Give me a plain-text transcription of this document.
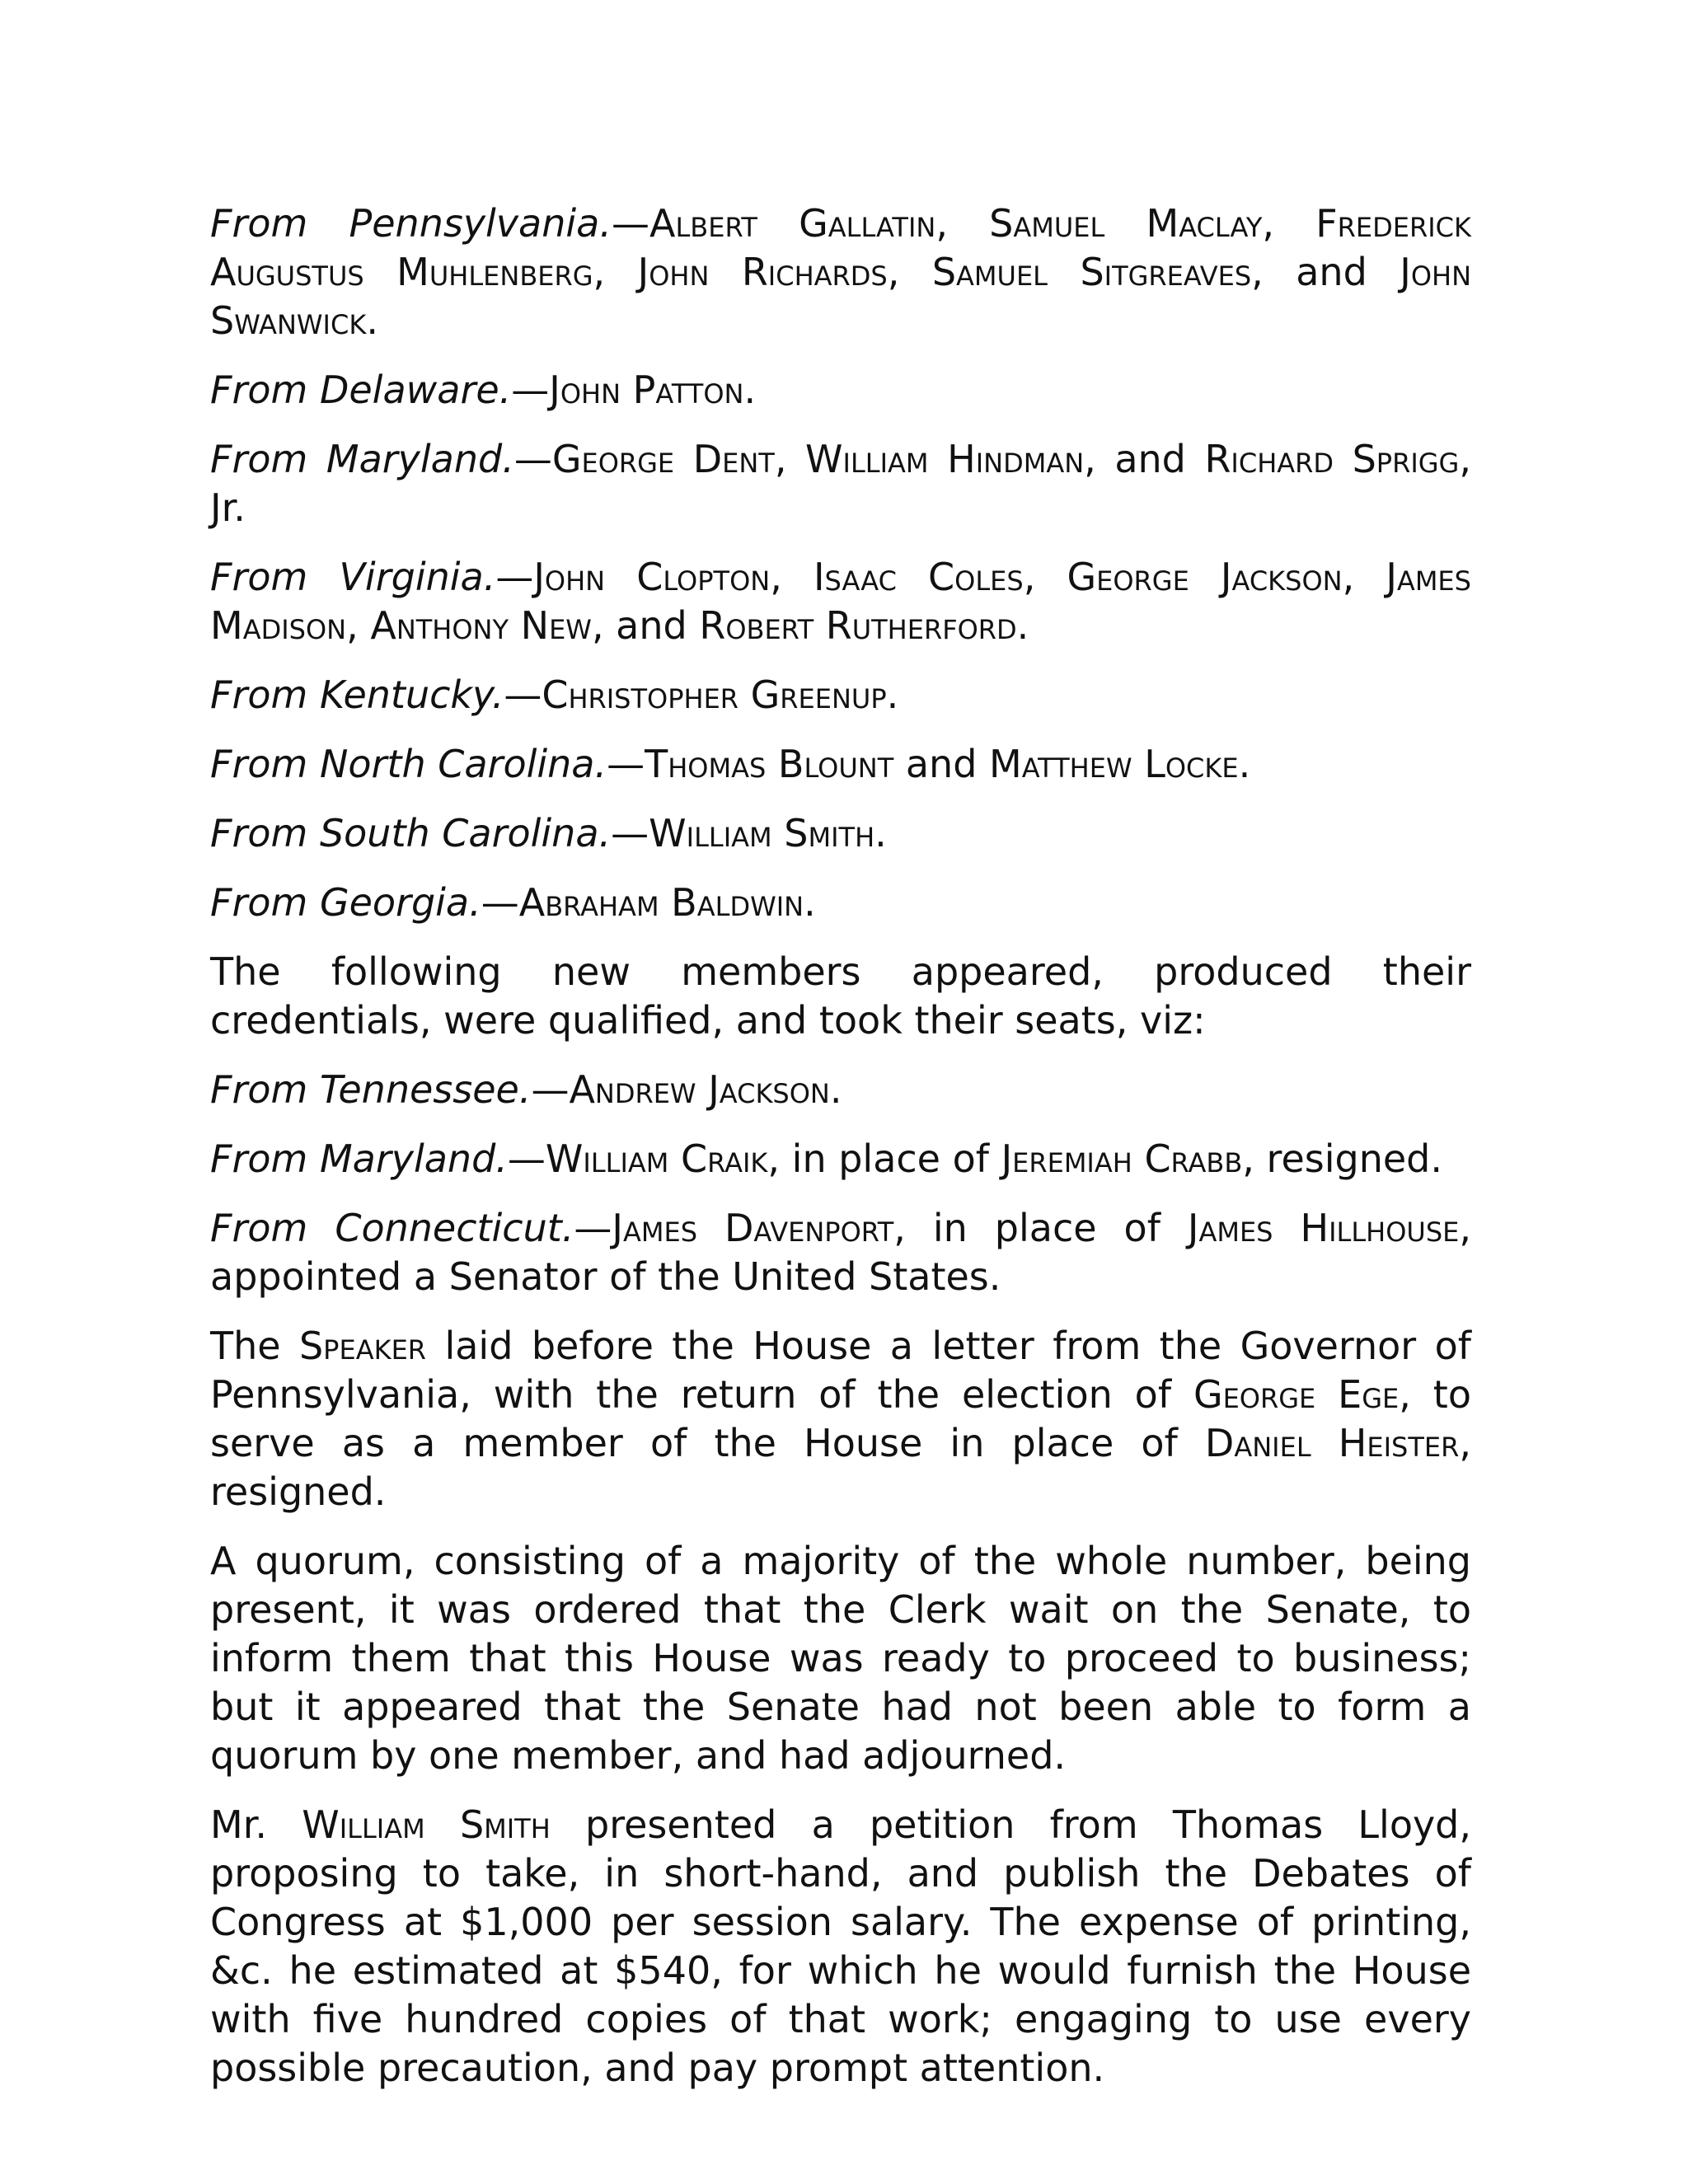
From Pennsylvania.—Albert Gallatin, Samuel Maclay, Frederick Augustus Muhlenberg, John Richards, Samuel Sitgreaves, and John Swanwick.

From Delaware.—John Patton.

From Maryland.—George Dent, William Hindman, and Richard Sprigg, Jr.

From Virginia.—John Clopton, Isaac Coles, George Jackson, James Madison, Anthony New, and Robert Rutherford.

From Kentucky.—Christopher Greenup.

From North Carolina.—Thomas Blount and Matthew Locke.

From South Carolina.—William Smith.

From Georgia.—Abraham Baldwin.

The following new members appeared, produced their credentials, were qualified, and took their seats, viz:

From Tennessee.—Andrew Jackson.

From Maryland.—William Craik, in place of Jeremiah Crabb, resigned.

From Connecticut.—James Davenport, in place of James Hillhouse, appointed a Senator of the United States.

The Speaker laid before the House a letter from the Governor of Pennsylvania, with the return of the election of George Ege, to serve as a member of the House in place of Daniel Heister, resigned.

A quorum, consisting of a majority of the whole number, being present, it was ordered that the Clerk wait on the Senate, to inform them that this House was ready to proceed to business; but it appeared that the Senate had not been able to form a quorum by one member, and had adjourned.

Mr. William Smith presented a petition from Thomas Lloyd, proposing to take, in short-hand, and publish the Debates of Congress at $1,000 per session salary. The expense of printing, &c. he estimated at $540, for which he would furnish the House with five hundred copies of that work; engaging to use every possible precaution, and pay prompt attention.
